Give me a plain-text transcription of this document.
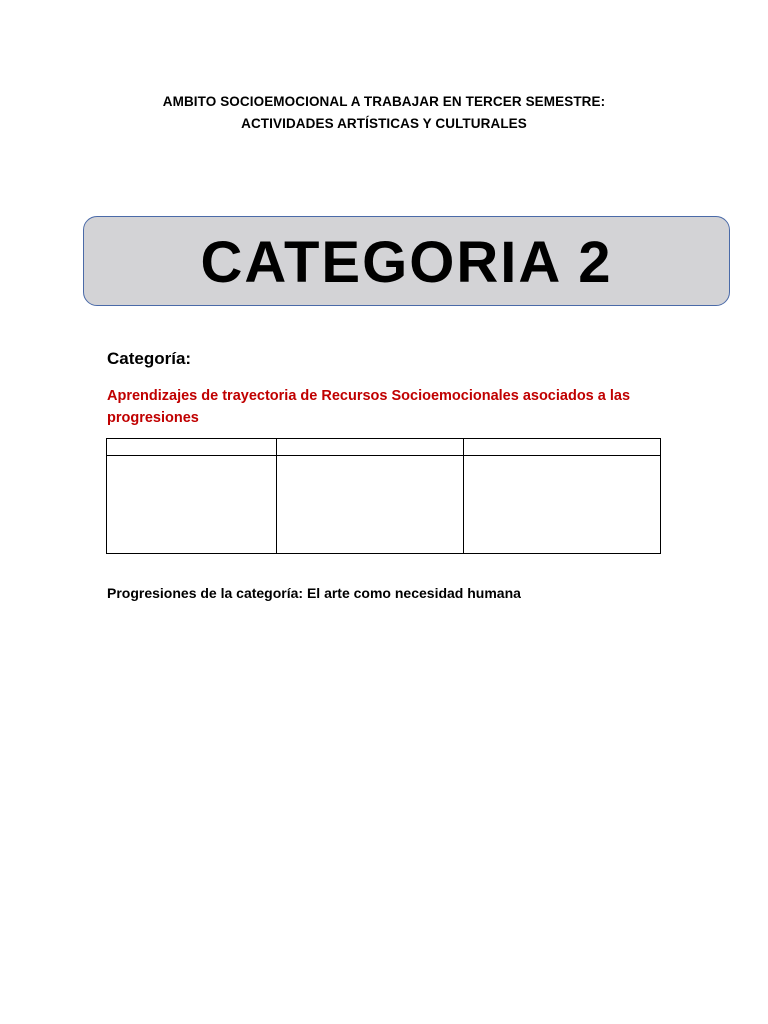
AMBITO SOCIOEMOCIONAL A TRABAJAR EN TERCER SEMESTRE:
ACTIVIDADES ARTÍSTICAS Y CULTURALES
CATEGORIA 2
Categoría:
Aprendizajes de trayectoria de Recursos Socioemocionales asociados a las progresiones

Progresiones de la categoría: El arte como necesidad humana
